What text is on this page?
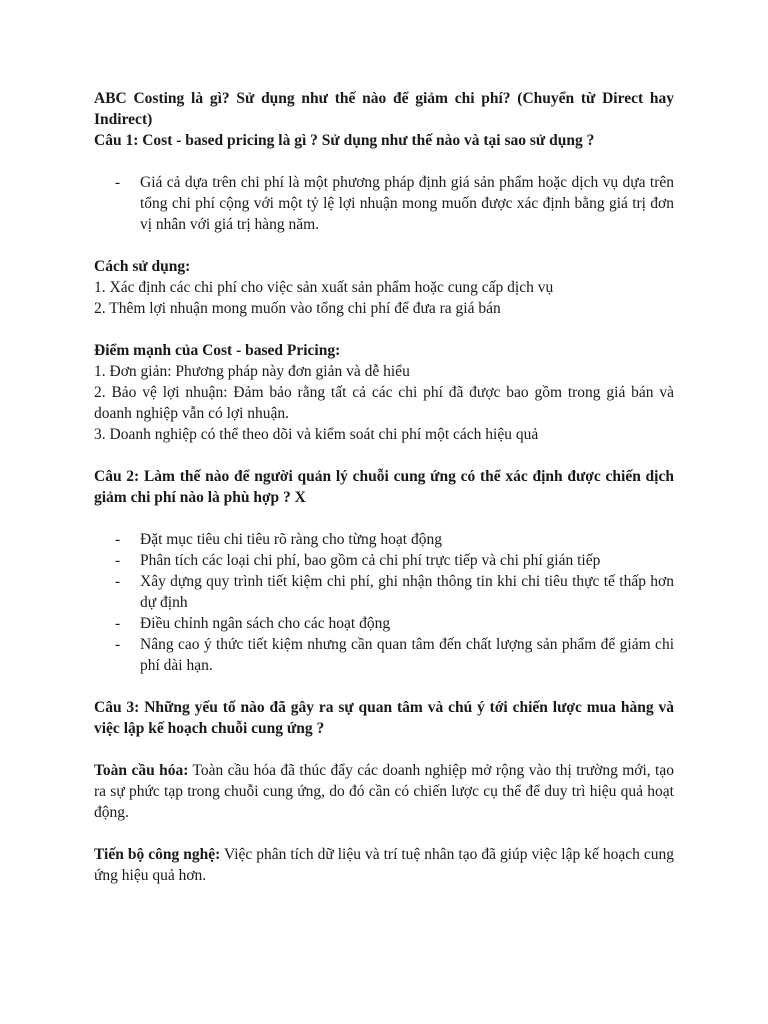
ABC Costing là gì? Sử dụng như thế nào để giảm chi phí? (Chuyển từ Direct hay Indirect)

Câu 1: Cost - based pricing là gì ? Sử dụng như thế nào và tại sao sử dụng ?

- Giá cả dựa trên chi phí là một phương pháp định giá sản phẩm hoặc dịch vụ dựa trên tổng chi phí cộng với một tỷ lệ lợi nhuận mong muốn được xác định bằng giá trị đơn vị nhân với giá trị hàng năm.

Cách sử dụng:

1. Xác định các chi phí cho việc sản xuất sản phẩm hoặc cung cấp dịch vụ

2. Thêm lợi nhuận mong muốn vào tổng chi phí để đưa ra giá bán

Điểm mạnh của Cost - based Pricing:

1. Đơn giản: Phương pháp này đơn giản và dễ hiểu

2. Bảo vệ lợi nhuận: Đảm bảo rằng tất cả các chi phí đã được bao gồm trong giá bán và doanh nghiệp vẫn có lợi nhuận.

3. Doanh nghiệp có thể theo dõi và kiểm soát chi phí một cách hiệu quả

Câu 2: Làm thế nào để người quản lý chuỗi cung ứng có thể xác định được chiến dịch giảm chi phí nào là phù hợp ? X

- Đặt mục tiêu chi tiêu rõ ràng cho từng hoạt động
- Phân tích các loại chi phí, bao gồm cả chi phí trực tiếp và chi phí gián tiếp
- Xây dựng quy trình tiết kiệm chi phí, ghi nhận thông tin khi chi tiêu thực tế thấp hơn dự định
- Điều chỉnh ngân sách cho các hoạt động
- Nâng cao ý thức tiết kiệm nhưng cần quan tâm đến chất lượng sản phẩm để giảm chi phí dài hạn.

Câu 3: Những yếu tố nào đã gây ra sự quan tâm và chú ý tới chiến lược mua hàng và việc lập kế hoạch chuỗi cung ứng ?

Toàn cầu hóa: Toàn cầu hóa đã thúc đẩy các doanh nghiệp mở rộng vào thị trường mới, tạo ra sự phức tạp trong chuỗi cung ứng, do đó cần có chiến lược cụ thể để duy trì hiệu quả hoạt động.

Tiến bộ công nghệ: Việc phân tích dữ liệu và trí tuệ nhân tạo đã giúp việc lập kế hoạch cung ứng hiệu quả hơn.
